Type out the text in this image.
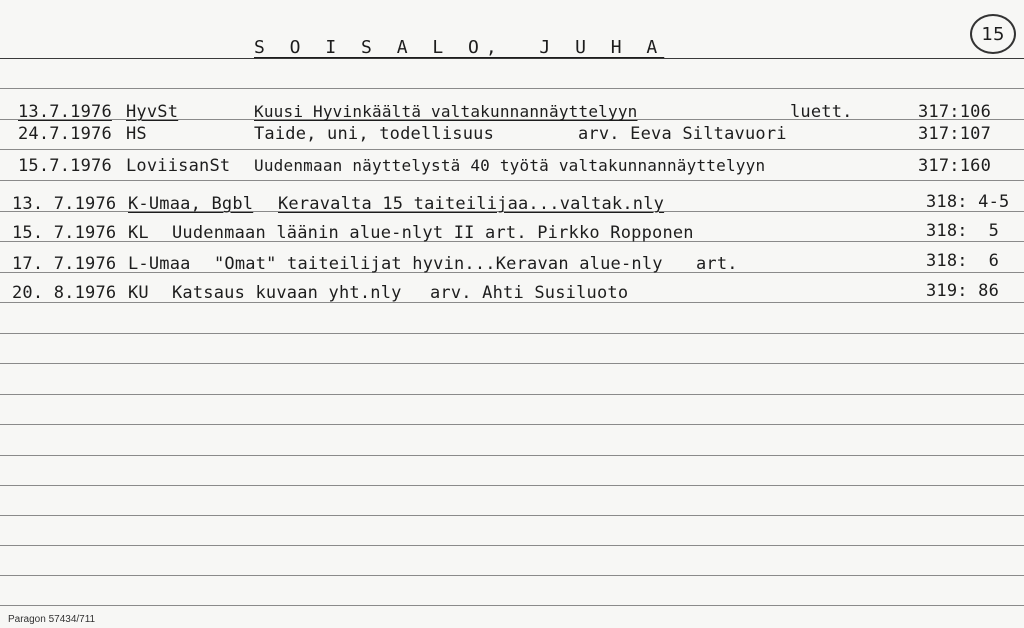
S O I S A L O,  J U H A
15
13.7.1976 HyvSt	Kuusi Hyvinkäältä valtakunnannäyttelyyn	luett.	317:106
24.7.1976 HS	Taide, uni, todellisuus	arv. Eeva Siltavuori	317:107
15.7.1976 LoviisanSt Uudenmaan näyttelystä 40 työtä valtakunnannäyttelyyn	317:160
13. 7.1976 K-Umaa, Bgbl Keravalta 15 taiteilijaa...valtak.nly	318: 4-5
15. 7.1976 KL Uudenmaan läänin alue-nlyt II art. Pirkko Ropponen	318:  5
17. 7.1976 L-Umaa "Omat" taiteilijat hyvin...Keravan alue-nly art.	318:  6
20. 8.1976 KU Katsaus kuvaan yht.nly arv. Ahti Susiluoto	319: 86
Paragon 57434/711
